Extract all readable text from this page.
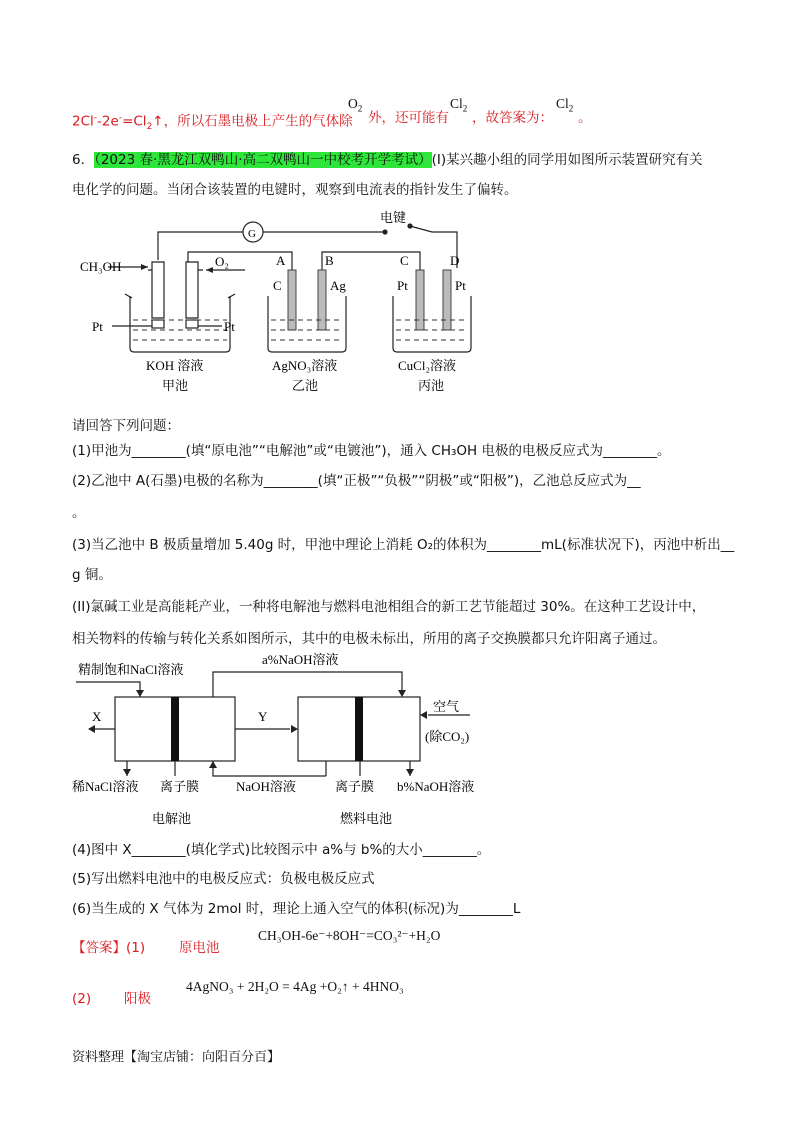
$2Cl^--2e^-=Cl_2↑$，所以石墨电极上产生的气体除
$O_2$
外，还可能有
$Cl_2$
，故答案为：
$Cl_2$
。
6．（2023 春·黑龙江双鸭山·高二双鸭山一中校考开学考试）(I)某兴趣小组的同学用如图所示装置研究有关
电化学的问题。当闭合该装置的电键时，观察到电流表的指针发生了偏转。
电键
G
CH₃OH	O₂
Pt	Pt
A	B	C	D
C	Ag	Pt	Pt
KOH 溶液
甲池
AgNO₃溶液
乙池
CuCl₂溶液
丙池
请回答下列问题：
(1)甲池为________(填“原电池”“电解池”或“电镀池”)，通入 CH₃OH 电极的电极反应式为________。
(2)乙池中 A(石墨)电极的名称为________(填“正极”“负极”“阴极”或“阳极”)，乙池总反应式为__
。
(3)当乙池中 B 极质量增加 5.40g 时，甲池中理论上消耗 O₂的体积为________mL(标准状况下)，丙池中析出__
g 铜。
(II)氯碱工业是高能耗产业，一种将电解池与燃料电池相组合的新工艺节能超过 30%。在这种工艺设计中，
相关物料的传输与转化关系如图所示，其中的电极未标出，所用的离子交换膜都只允许阳离子通过。
精制饱和NaCl溶液
a%NaOH溶液
X	Y
空气
(除CO₂)
稀NaCl溶液 离子膜	NaOH溶液	离子膜 b%NaOH溶液
电解池	燃料电池
(4)图中 X________(填化学式)比较图示中 a%与 b%的大小________。
(5)写出燃料电池中的电极反应式：负极电极反应式
(6)当生成的 X 气体为 2mol 时，理论上通入空气的体积(标况)为________L
【答案】(1)	原电池
CH₃OH-6e⁻+8OH⁻=CO₃²⁻+H₂O
(2) 阳极
4AgNO₃ + 2H₂O = 4Ag +O₂↑ + 4HNO₃
资料整理【淘宝店铺：向阳百分百】
